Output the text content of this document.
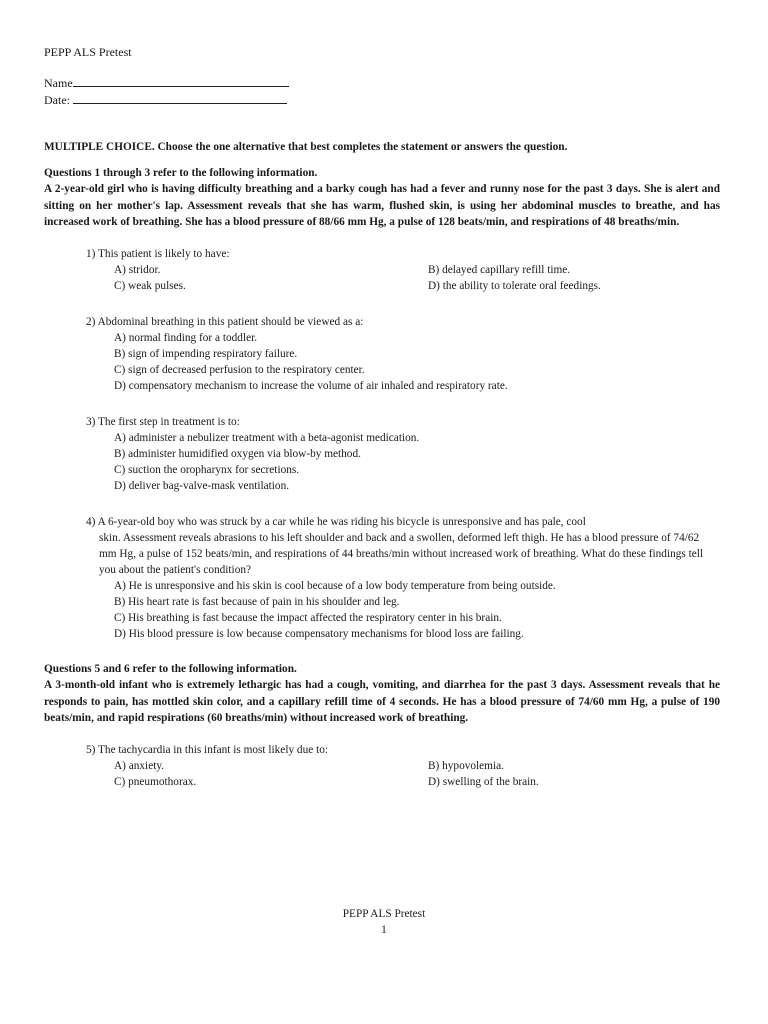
PEPP ALS Pretest
Name
Date:
MULTIPLE CHOICE. Choose the one alternative that best completes the statement or answers the question.
Questions 1 through 3 refer to the following information.
A 2-year-old girl who is having difficulty breathing and a barky cough has had a fever and runny nose for the past 3 days. She is alert and sitting on her mother's lap. Assessment reveals that she has warm, flushed skin, is using her abdominal muscles to breathe, and has increased work of breathing. She has a blood pressure of 88/66 mm Hg, a pulse of 128 beats/min, and respirations of 48 breaths/min.
1) This patient is likely to have:
A) stridor.	B) delayed capillary refill time.
C) weak pulses.	D) the ability to tolerate oral feedings.
2) Abdominal breathing in this patient should be viewed as a:
A) normal finding for a toddler.
B) sign of impending respiratory failure.
C) sign of decreased perfusion to the respiratory center.
D) compensatory mechanism to increase the volume of air inhaled and respiratory rate.
3) The first step in treatment is to:
A) administer a nebulizer treatment with a beta-agonist medication.
B) administer humidified oxygen via blow-by method.
C) suction the oropharynx for secretions.
D) deliver bag-valve-mask ventilation.
4) A 6-year-old boy who was struck by a car while he was riding his bicycle is unresponsive and has pale, cool
skin. Assessment reveals abrasions to his left shoulder and back and a swollen, deformed left thigh. He has a blood pressure of 74/62 mm Hg, a pulse of 152 beats/min, and respirations of 44 breaths/min without increased work of breathing. What do these findings tell you about the patient's condition?
A) He is unresponsive and his skin is cool because of a low body temperature from being outside.
B) His heart rate is fast because of pain in his shoulder and leg.
C) His breathing is fast because the impact affected the respiratory center in his brain.
D) His blood pressure is low because compensatory mechanisms for blood loss are failing.
Questions 5 and 6 refer to the following information.
A 3-month-old infant who is extremely lethargic has had a cough, vomiting, and diarrhea for the past 3 days. Assessment reveals that he responds to pain, has mottled skin color, and a capillary refill time of 4 seconds. He has a blood pressure of 74/60 mm Hg, a pulse of 190 beats/min, and rapid respirations (60 breaths/min) without increased work of breathing.
5) The tachycardia in this infant is most likely due to:
A) anxiety.	B) hypovolemia.
C) pneumothorax.	D) swelling of the brain.
PEPP ALS Pretest
1
